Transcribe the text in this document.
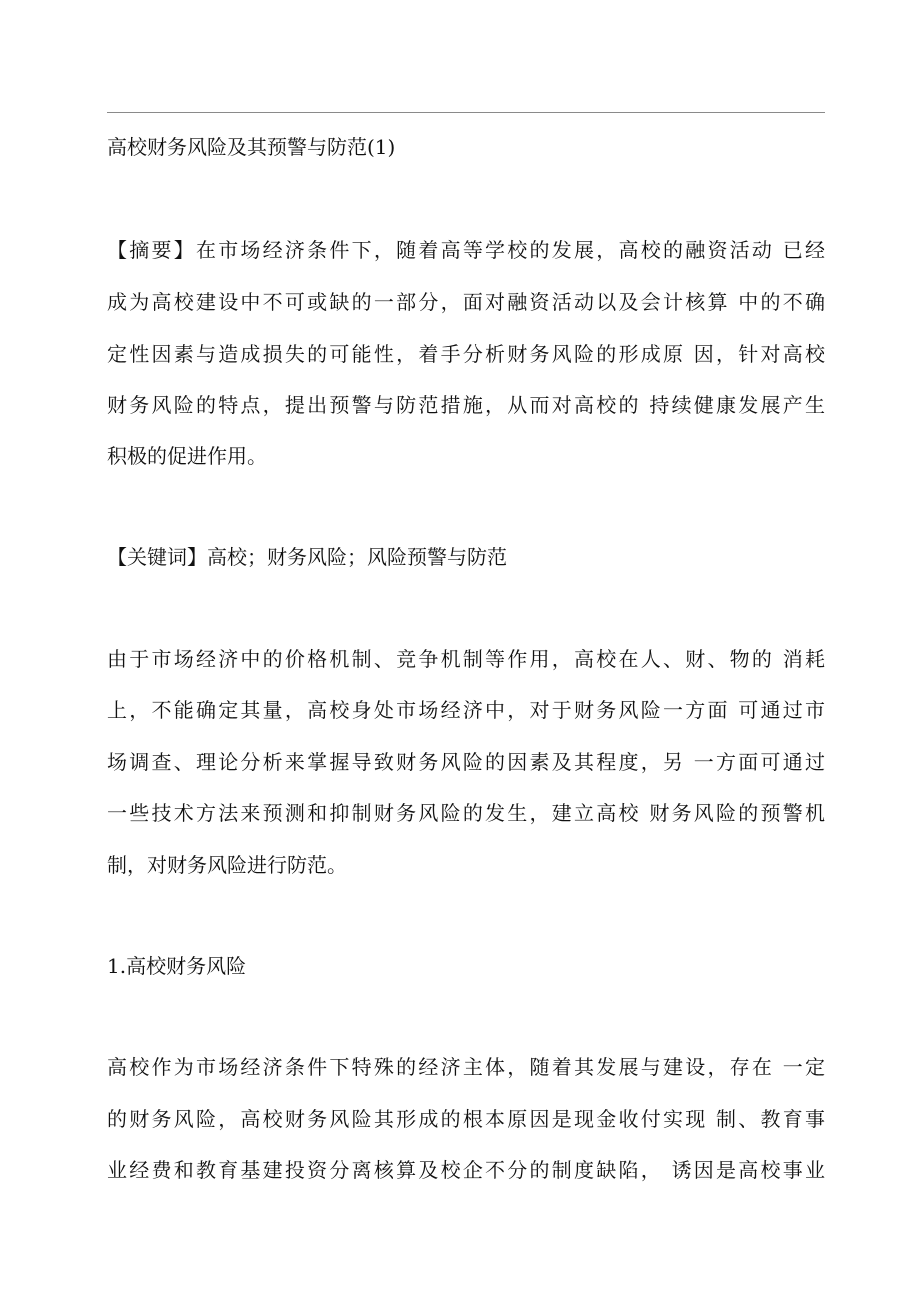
高校财务风险及其预警与防范(1)
【摘要】在市场经济条件下，随着高等学校的发展，高校的融资活动 已经
成为高校建设中不可或缺的一部分，面对融资活动以及会计核算 中的不确
定性因素与造成损失的可能性，着手分析财务风险的形成原 因，针对高校
财务风险的特点，提出预警与防范措施，从而对高校的 持续健康发展产生
积极的促进作用。
【关键词】高校；财务风险；风险预警与防范
由于市场经济中的价格机制、竞争机制等作用，高校在人、财、物的 消耗
上，不能确定其量，高校身处市场经济中，对于财务风险一方面 可通过市
场调查、理论分析来掌握导致财务风险的因素及其程度，另 一方面可通过
一些技术方法来预测和抑制财务风险的发生，建立高校 财务风险的预警机
制，对财务风险进行防范。
1.高校财务风险
高校作为市场经济条件下特殊的经济主体，随着其发展与建设，存在 一定
的财务风险，高校财务风险其形成的根本原因是现金收付实现 制、教育事
业经费和教育基建投资分离核算及校企不分的制度缺陷， 诱因是高校事业
